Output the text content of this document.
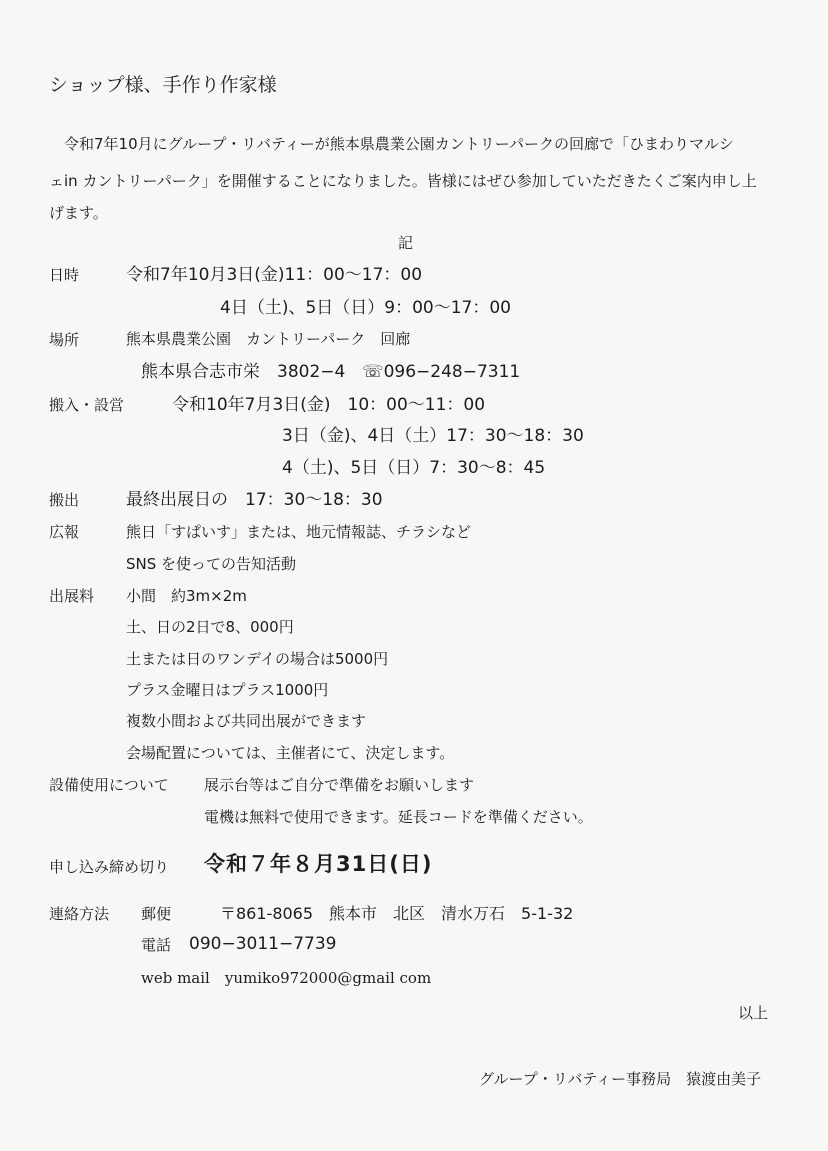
ショップ様、手作り作家様
令和7年10月にグループ・リバティーが熊本県農業公園カントリーパークの回廊で「ひまわりマルシ
ェin カントリーパーク」を開催することになりました。皆様にはぜひ参加していただきたくご案内申し上
げます。
記
日時	令和7年10月3日(金)11：00〜17：00
4日（土)、5日（日）9：00〜17：00
場所	熊本県農業公園　カントリーパーク　回廊
熊本県合志市栄　3802−4　☏096−248−7311
搬入・設営	令和10年7月3日(金)　10：00〜11：00
3日（金)、4日（土）17：30〜18：30
4（土)、5日（日）7：30〜8：45
搬出	最終出展日の　17：30〜18：30
広報	熊日「すぱいす」または、地元情報誌、チラシなど
SNS を使っての告知活動
出展料 小間　約3m×2m
土、日の2日で8、000円
土または日のワンデイの場合は5000円
プラス金曜日はプラス1000円
複数小間および共同出展ができます
会場配置については、主催者にて、決定します。
設備使用について 展示台等はご自分で準備をお願いします
電機は無料で使用できます。延長コードを準備ください。
申し込み締め切り 令和７年８月31日(日)
連絡方法 郵便	〒861-8065　熊本市　北区　清水万石　5-1-32
電話 090−3011−7739
web mail　yumiko972000@gmail com
以上
グループ・リバティー事務局　猿渡由美子
